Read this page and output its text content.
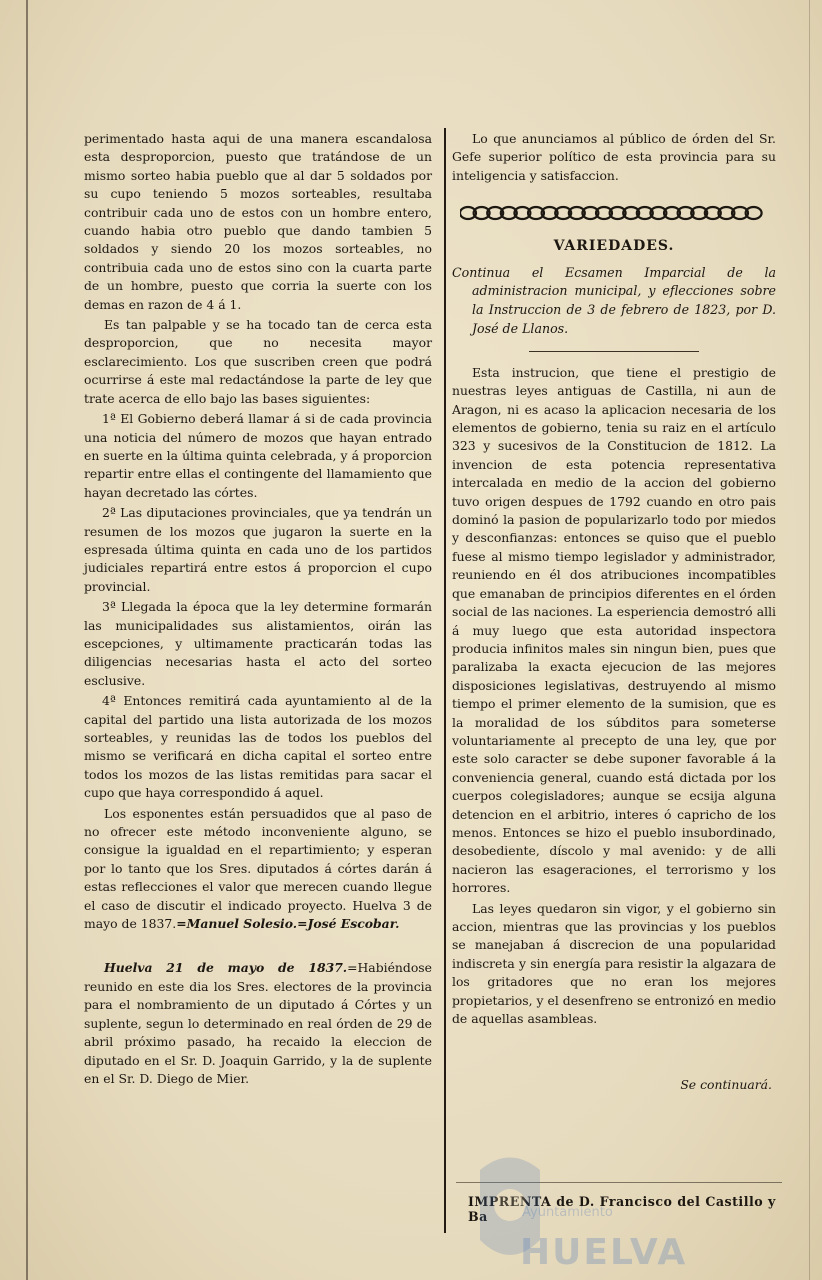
perimentado hasta aqui de una manera escandalosa esta desproporcion, puesto que tratándose de un mismo sorteo habia pueblo que al dar 5 soldados por su cupo teniendo 5 mozos sorteables, resultaba contribuir cada uno de estos con un hombre entero, cuando habia otro pueblo que dando tambien 5 soldados y siendo 20 los mozos sorteables, no contribuia cada uno de estos sino con la cuarta parte de un hombre, puesto que corria la suerte con los demas en razon de 4 á 1.

Es tan palpable y se ha tocado tan de cerca esta desproporcion, que no necesita mayor esclarecimiento. Los que suscriben creen que podrá ocurrirse á este mal redactándose la parte de ley que trate acerca de ello bajo las bases siguientes:

1ª El Gobierno deberá llamar á si de cada provincia una noticia del número de mozos que hayan entrado en suerte en la última quinta celebrada, y á proporcion repartir entre ellas el contingente del llamamiento que hayan decretado las córtes.

2ª Las diputaciones provinciales, que ya tendrán un resumen de los mozos que jugaron la suerte en la espresada última quinta en cada uno de los partidos judiciales repartirá entre estos á proporcion el cupo provincial.

3ª Llegada la época que la ley determine formarán las municipalidades sus alistamientos, oirán las escepciones, y ultimamente practicarán todas las diligencias necesarias hasta el acto del sorteo esclusive.

4ª Entonces remitirá cada ayuntamiento al de la capital del partido una lista autorizada de los mozos sorteables, y reunidas las de todos los pueblos del mismo se verificará en dicha capital el sorteo entre todos los mozos de las listas remitidas para sacar el cupo que haya correspondido á aquel.

Los esponentes están persuadidos que al paso de no ofrecer este método inconveniente alguno, se consigue la igualdad en el repartimiento; y esperan por lo tanto que los Sres. diputados á córtes darán á estas reflecciones el valor que merecen cuando llegue el caso de discutir el indicado proyecto. Huelva 3 de mayo de 1837.=Manuel Solesio.=José Escobar.

Huelva 21 de mayo de 1837.=Habiéndose reunido en este dia los Sres. electores de la provincia para el nombramiento de un diputado á Córtes y un suplente, segun lo determinado en real órden de 29 de abril próximo pasado, ha recaido la eleccion de diputado en el Sr. D. Joaquin Garrido, y la de suplente en el Sr. D. Diego de Mier.

Lo que anunciamos al público de órden del Sr. Gefe superior político de esta provincia para su inteligencia y satisfaccion.

VARIEDADES.

Continua el Ecsamen Imparcial de la administracion municipal, y eflecciones sobre la Instruccion de 3 de febrero de 1823, por D. José de Llanos.

Esta instrucion, que tiene el prestigio de nuestras leyes antiguas de Castilla, ni aun de Aragon, ni es acaso la aplicacion necesaria de los elementos de gobierno, tenia su raiz en el artículo 323 y sucesivos de la Constitucion de 1812. La invencion de esta potencia representativa intercalada en medio de la accion del gobierno tuvo origen despues de 1792 cuando en otro pais dominó la pasion de popularizarlo todo por miedos y desconfianzas: entonces se quiso que el pueblo fuese al mismo tiempo legislador y administrador, reuniendo en él dos atribuciones incompatibles que emanaban de principios diferentes en el órden social de las naciones. La esperiencia demostró alli á muy luego que esta autoridad inspectora producia infinitos males sin ningun bien, pues que paralizaba la exacta ejecucion de las mejores disposiciones legislativas, destruyendo al mismo tiempo el primer elemento de la sumision, que es la moralidad de los súbditos para someterse voluntariamente al precepto de una ley, que por este solo caracter se debe suponer favorable á la conveniencia general, cuando está dictada por los cuerpos colegisladores; aunque se ecsija alguna detencion en el arbitrio, interes ó capricho de los menos. Entonces se hizo el pueblo insubordinado, desobediente, díscolo y mal avenido: y de alli nacieron las esageraciones, el terrorismo y los horrores.

Las leyes quedaron sin vigor, y el gobierno sin accion, mientras que las provincias y los pueblos se manejaban á discrecion de una popularidad indiscreta y sin energía para resistir la algazara de los gritadores que no eran los mejores propietarios, y el desenfreno se entronizó en medio de aquellas asambleas.

Se continuará.

IMPRENTA de D. Francisco del Castillo y Ba	Ayuntamiento
HUELVA
